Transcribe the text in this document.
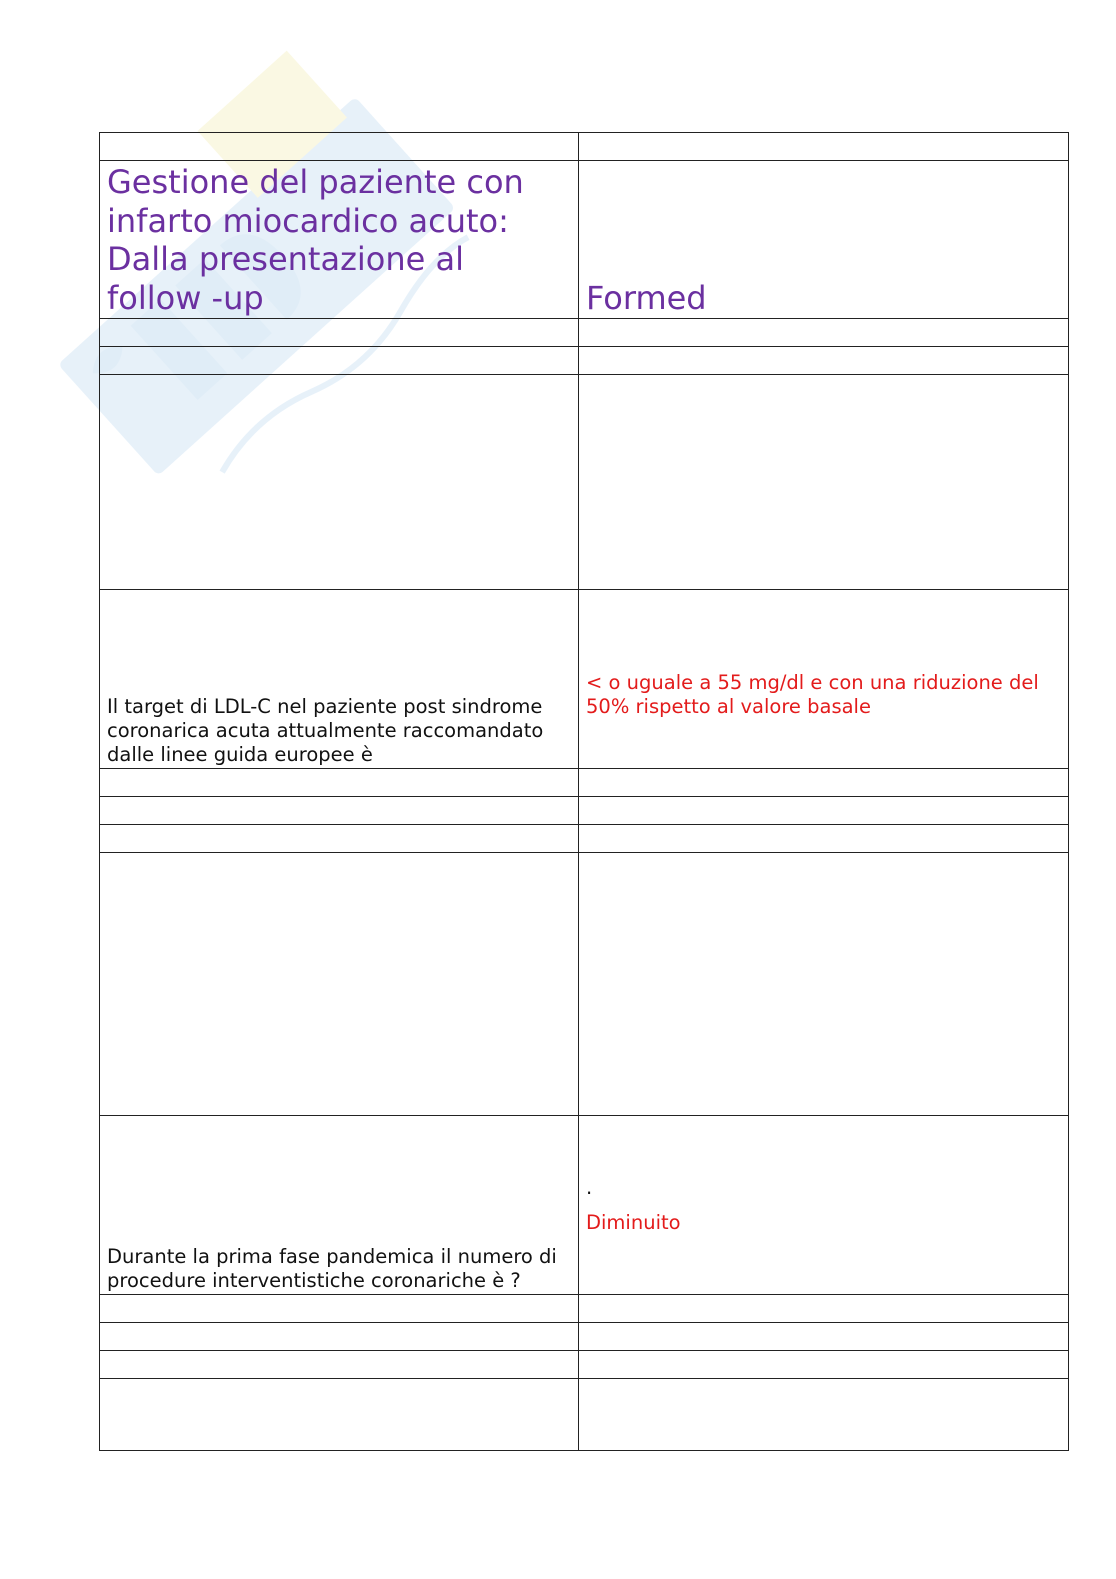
Gestione del paziente con
infarto miocardico acuto:
Dalla presentazione al
follow -up	Formed

Il target di LDL-C nel paziente post sindrome coronarica acuta attualmente raccomandato dalle linee guida europee è	< o uguale a 55 mg/dl e con una riduzione del 50% rispetto al valore basale

Durante la prima fase pandemica il numero di procedure interventistiche coronariche è ?	.
Diminuito
